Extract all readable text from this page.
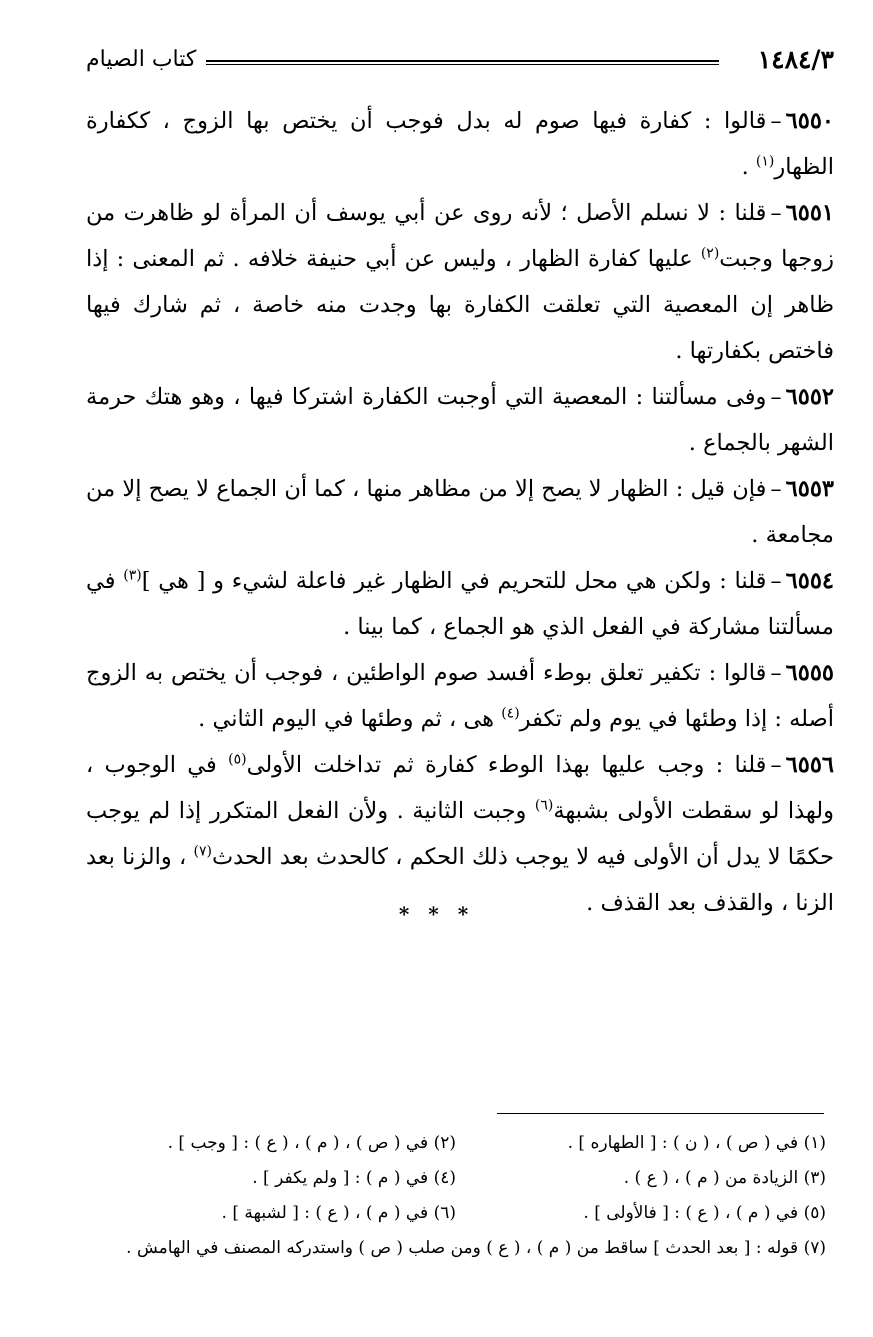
١٤٨٤/٣
كتاب الصيام

٦٥٥٠–قالوا : كفارة فيها صوم له بدل فوجب أن يختص بها الزوج ، ككفارة الظهار$^{(١)}$ .

٦٥٥١–قلنا : لا نسلم الأصل ؛ لأنه روى عن أبي يوسف أن المرأة لو ظاهرت من زوجها وجبت$^{(٢)}$ عليها كفارة الظهار ، وليس عن أبي حنيفة خلافه . ثم المعنى : إذا ظاهر إن المعصية التي تعلقت الكفارة بها وجدت منه خاصة ، ثم شارك فيها فاختص بكفارتها .

٦٥٥٢–وفى مسألتنا : المعصية التي أوجبت الكفارة اشتركا فيها ، وهو هتك حرمة الشهر بالجماع .

٦٥٥٣–فإن قيل : الظهار لا يصح إلا من مظاهر منها ، كما أن الجماع لا يصح إلا من مجامعة .

٦٥٥٤–قلنا : ولكن هي محل للتحريم في الظهار غير فاعلة لشيء و [ هي ]$^{(٣)}$ في مسألتنا مشاركة في الفعل الذي هو الجماع ، كما بينا .

٦٥٥٥–قالوا : تكفير تعلق بوطء أفسد صوم الواطئين ، فوجب أن يختص به الزوج أصله : إذا وطئها في يوم ولم تكفر$^{(٤)}$ هى ، ثم وطئها في اليوم الثاني .

٦٥٥٦–قلنا : وجب عليها بهذا الوطء كفارة ثم تداخلت الأولى$^{(٥)}$ في الوجوب ، ولهذا لو سقطت الأولى بشبهة$^{(٦)}$ وجبت الثانية . ولأن الفعل المتكرر إذا لم يوجب حكمًا لا يدل أن الأولى فيه لا يوجب ذلك الحكم ، كالحدث بعد الحدث$^{(٧)}$ ، والزنا بعد الزنا ، والقذف بعد القذف .

* * *
(١) في ( ص ) ، ( ن ) : [ الطهاره ] .
(٢) في ( ص ) ، ( م ) ، ( ع ) : [ وجب ] .
(٣) الزيادة من ( م ) ، ( ع ) .
(٤) في ( م ) : [ ولم يكفر ] .
(٥) في ( م ) ، ( ع ) : [ فالأولى ] .
(٦) في ( م ) ، ( ع ) : [ لشبهة ] .
(٧) قوله : [ بعد الحدث ] ساقط من ( م ) ، ( ع ) ومن صلب ( ص ) واستدركه المصنف في الهامش .
